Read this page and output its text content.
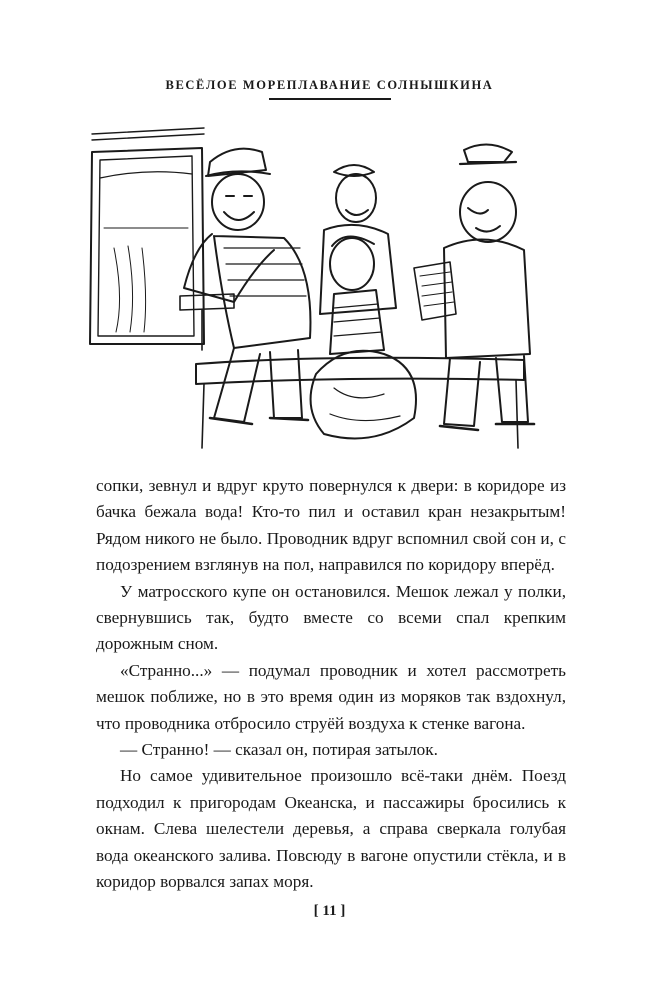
ВЕСЁЛОЕ МОРЕПЛАВАНИЕ СОЛНЫШКИНА

сопки, зевнул и вдруг круто повернулся к двери: в коридоре из бачка бежала вода! Кто-то пил и оставил кран незакрытым! Рядом никого не было. Проводник вдруг вспомнил свой сон и, с подозрением взглянув на пол, направился по коридору вперёд.

У матросского купе он остановился. Мешок лежал у полки, свернувшись так, будто вместе со всеми спал крепким дорожным сном.

«Странно...» — подумал проводник и хотел рассмотреть мешок поближе, но в это время один из моряков так вздохнул, что проводника отбросило струёй воздуха к стенке вагона.

— Странно! — сказал он, потирая затылок.

Но самое удивительное произошло всё-таки днём. Поезд подходил к пригородам Океанска, и пассажиры бросились к окнам. Слева шелестели деревья, а справа сверкала голубая вода океанского залива. Повсюду в вагоне опустили стёкла, и в коридор ворвался запах моря.

[ 11 ]
